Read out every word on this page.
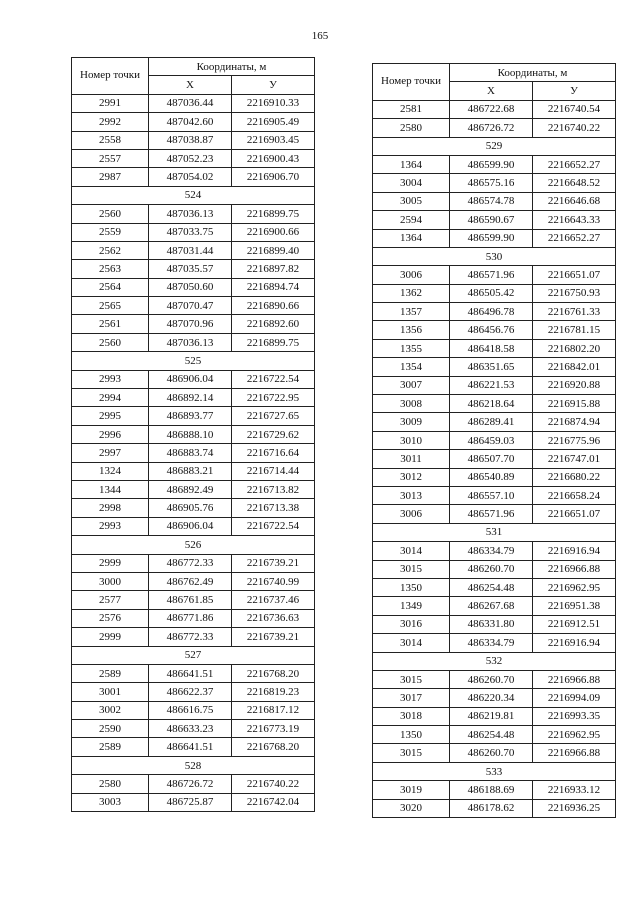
165
Номер точки	Координаты, м	
	X	У
2991	487036.44	2216910.33
2992	487042.60	2216905.49
2558	487038.87	2216903.45
2557	487052.23	2216900.43
2987	487054.02	2216906.70
524		
2560	487036.13	2216899.75
2559	487033.75	2216900.66
2562	487031.44	2216899.40
2563	487035.57	2216897.82
2564	487050.60	2216894.74
2565	487070.47	2216890.66
2561	487070.96	2216892.60
2560	487036.13	2216899.75
525		
2993	486906.04	2216722.54
2994	486892.14	2216722.95
2995	486893.77	2216727.65
2996	486888.10	2216729.62
2997	486883.74	2216716.64
1324	486883.21	2216714.44
1344	486892.49	2216713.82
2998	486905.76	2216713.38
2993	486906.04	2216722.54
526		
2999	486772.33	2216739.21
3000	486762.49	2216740.99
2577	486761.85	2216737.46
2576	486771.86	2216736.63
2999	486772.33	2216739.21
527		
2589	486641.51	2216768.20
3001	486622.37	2216819.23
3002	486616.75	2216817.12
2590	486633.23	2216773.19
2589	486641.51	2216768.20
528		
2580	486726.72	2216740.22
3003	486725.87	2216742.04
Номер точки	Координаты, м	
	X	У
2581	486722.68	2216740.54
2580	486726.72	2216740.22
529		
1364	486599.90	2216652.27
3004	486575.16	2216648.52
3005	486574.78	2216646.68
2594	486590.67	2216643.33
1364	486599.90	2216652.27
530		
3006	486571.96	2216651.07
1362	486505.42	2216750.93
1357	486496.78	2216761.33
1356	486456.76	2216781.15
1355	486418.58	2216802.20
1354	486351.65	2216842.01
3007	486221.53	2216920.88
3008	486218.64	2216915.88
3009	486289.41	2216874.94
3010	486459.03	2216775.96
3011	486507.70	2216747.01
3012	486540.89	2216680.22
3013	486557.10	2216658.24
3006	486571.96	2216651.07
531		
3014	486334.79	2216916.94
3015	486260.70	2216966.88
1350	486254.48	2216962.95
1349	486267.68	2216951.38
3016	486331.80	2216912.51
3014	486334.79	2216916.94
532		
3015	486260.70	2216966.88
3017	486220.34	2216994.09
3018	486219.81	2216993.35
1350	486254.48	2216962.95
3015	486260.70	2216966.88
533		
3019	486188.69	2216933.12
3020	486178.62	2216936.25
